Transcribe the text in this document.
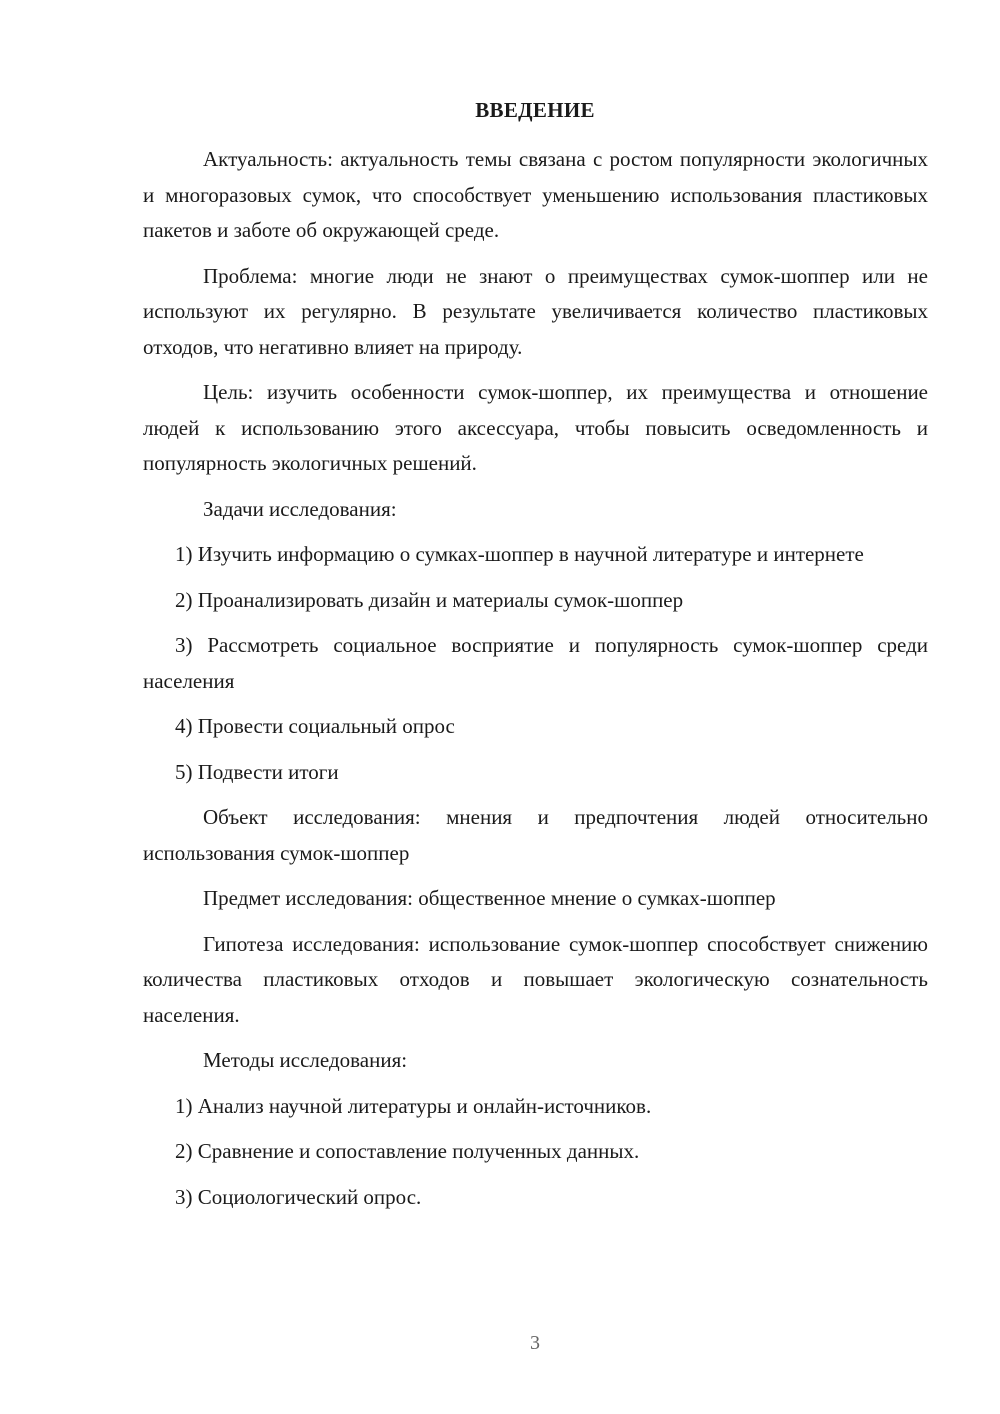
ВВЕДЕНИЕ

Актуальность: актуальность темы связана с ростом популярности экологичных и многоразовых сумок, что способствует уменьшению использования пластиковых пакетов и заботе об окружающей среде.

Проблема: многие люди не знают о преимуществах сумок-шоппер или не используют их регулярно. В результате увеличивается количество пластиковых отходов, что негативно влияет на природу.

Цель: изучить особенности сумок-шоппер, их преимущества и отношение людей к использованию этого аксессуара, чтобы повысить осведомленность и популярность экологичных решений.

Задачи исследования:

1) Изучить информацию о сумках-шоппер в научной литературе и интернете

2) Проанализировать дизайн и материалы сумок-шоппер

3) Рассмотреть социальное восприятие и популярность сумок-шоппер среди населения

4) Провести социальный опрос

5) Подвести итоги

Объект исследования: мнения и предпочтения людей относительно использования сумок-шоппер

Предмет исследования: общественное мнение о сумках-шоппер

Гипотеза исследования: использование сумок-шоппер способствует снижению количества пластиковых отходов и повышает экологическую сознательность населения.

Методы исследования:

1) Анализ научной литературы и онлайн-источников.

2) Сравнение и сопоставление полученных данных.

3) Социологический опрос.

3
